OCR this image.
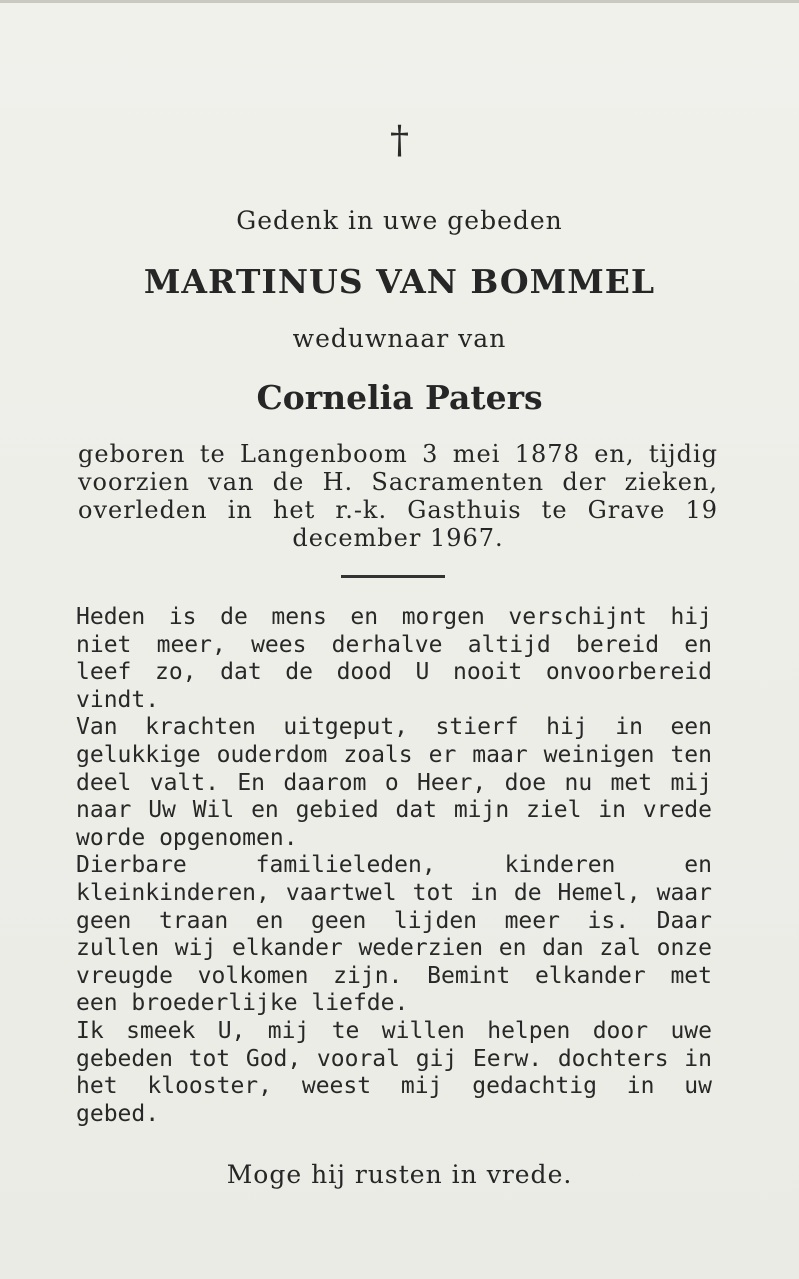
†
Gedenk in uwe gebeden
MARTINUS VAN BOMMEL
weduwnaar van
Cornelia Paters
geboren te Langenboom 3 mei 1878 en, tijdig voorzien van de H. Sacramenten der zieken, overleden in het r.-k. Gasthuis te Grave 19 december 1967.

Heden is de mens en morgen verschijnt hij niet meer, wees derhalve altijd bereid en leef zo, dat de dood U nooit onvoorbereid vindt.

Van krachten uitgeput, stierf hij in een gelukkige ouderdom zoals er maar weinigen ten deel valt. En daarom o Heer, doe nu met mij naar Uw Wil en gebied dat mijn ziel in vrede worde opgenomen.

Dierbare familieleden, kinderen en kleinkinderen, vaartwel tot in de Hemel, waar geen traan en geen lijden meer is. Daar zullen wij elkander wederzien en dan zal onze vreugde volkomen zijn. Bemint elkander met een broederlijke liefde.

Ik smeek U, mij te willen helpen door uwe gebeden tot God, vooral gij Eerw. dochters in het klooster, weest mij gedachtig in uw gebed.

Moge hij rusten in vrede.
